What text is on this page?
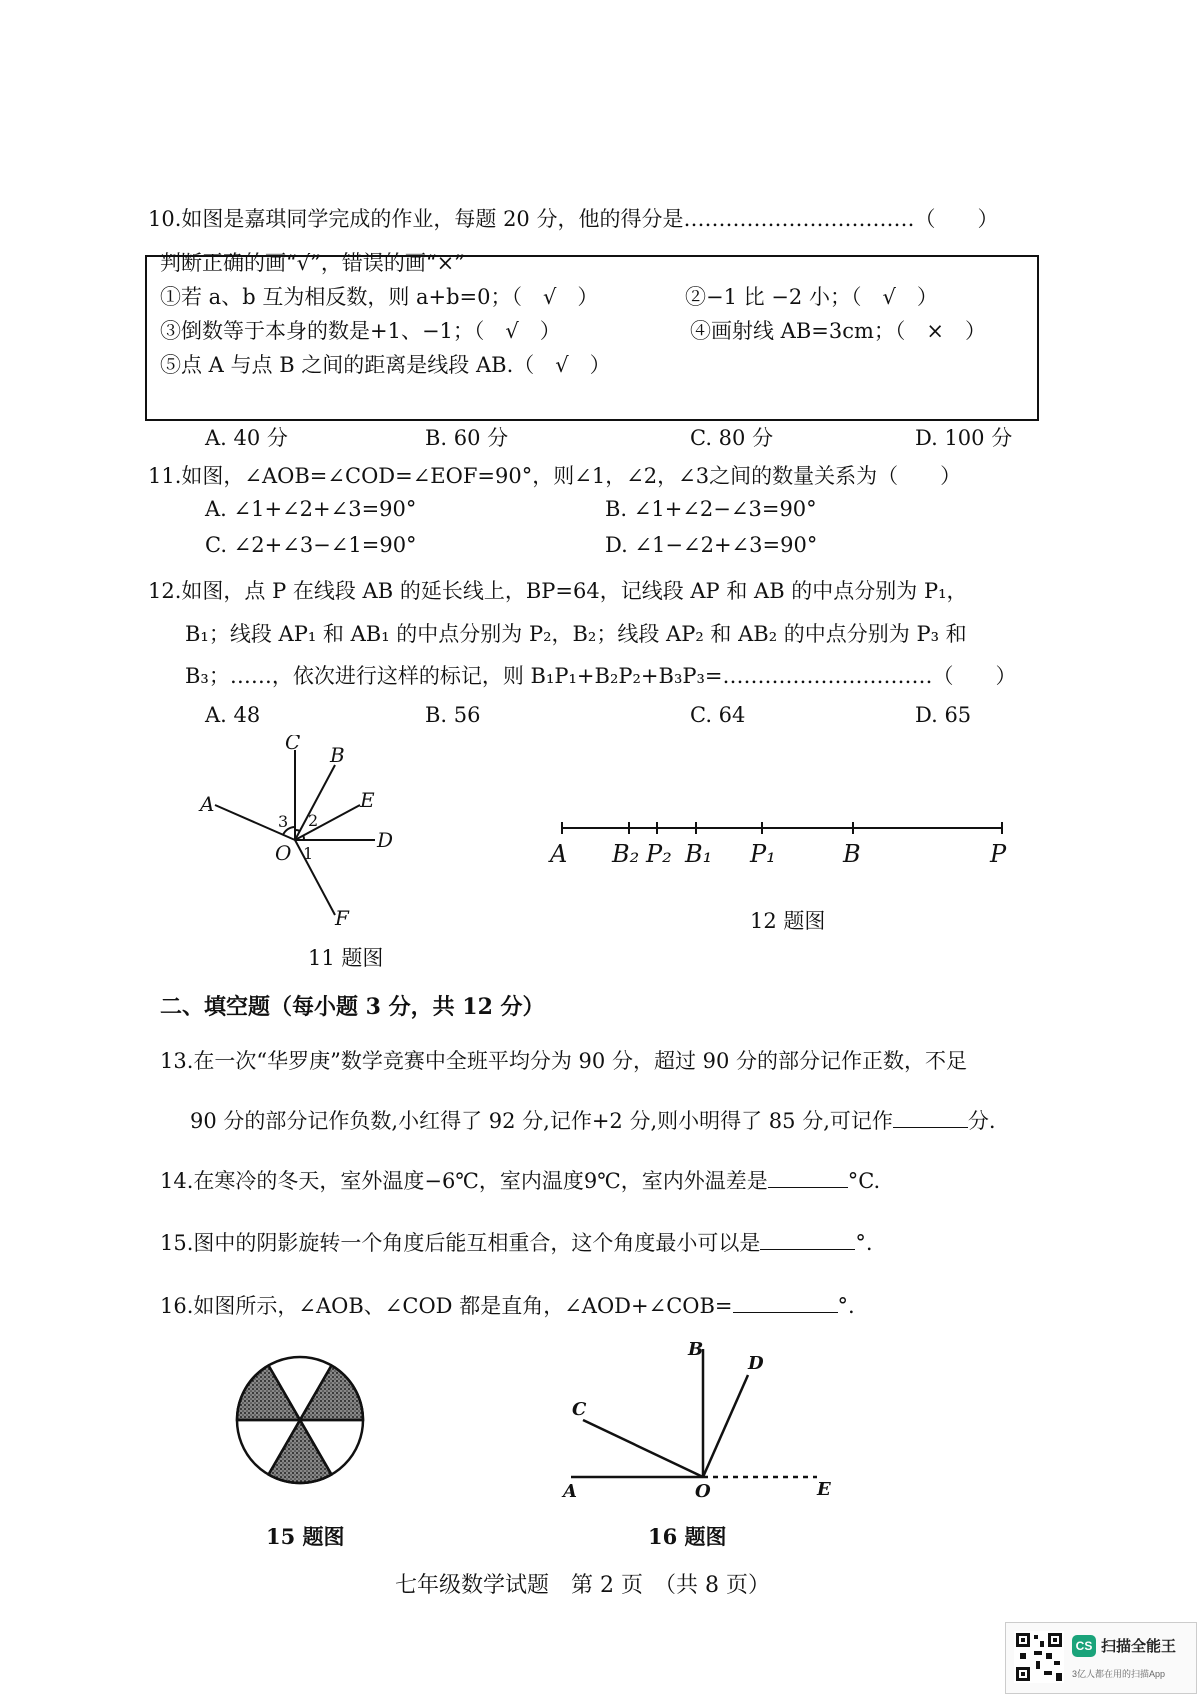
10.如图是嘉琪同学完成的作业，每题 20 分，他的得分是……………………………（　　）
判断正确的画“√”，错误的画“×”
①若 a、b 互为相反数，则 a+b=0；（　√　）	②−1 比 −2 小；（　√　）
③倒数等于本身的数是+1、−1；（　√　）	④画射线 AB=3cm；（　×　）
⑤点 A 与点 B 之间的距离是线段 AB.（　√　）
A. 40 分	B. 60 分	C. 80 分	D. 100 分
11.如图，∠AOB=∠COD=∠EOF=90°，则∠1，∠2，∠3之间的数量关系为（　　）
A. ∠1+∠2+∠3=90°	B. ∠1+∠2−∠3=90°
C. ∠2+∠3−∠1=90°	D. ∠1−∠2+∠3=90°
12.如图，点 P 在线段 AB 的延长线上，BP=64，记线段 AP 和 AB 的中点分别为 P₁，
B₁；线段 AP₁ 和 AB₁ 的中点分别为 P₂，B₂；线段 AP₂ 和 AB₂ 的中点分别为 P₃ 和
B₃；……，依次进行这样的标记，则 B₁P₁+B₂P₂+B₃P₃=…………………………（　　）
A. 48	B. 56	C. 64	D. 65
C
B
A	E
D
O
F
1
2
3
11 题图
A B₂ P₂ B₁ P₁	B	P
12 题图
二、填空题（每小题 3 分，共 12 分）
13.在一次“华罗庚”数学竞赛中全班平均分为 90 分，超过 90 分的部分记作正数，不足
90 分的部分记作负数,小红得了 92 分,记作+2 分,则小明得了 85 分,可记作	分.
14.在寒冷的冬天，室外温度−6℃，室内温度9℃，室内外温差是	°C.
15.图中的阴影旋转一个角度后能互相重合，这个角度最小可以是	°.
16.如图所示，∠AOB、∠COD 都是直角，∠AOD+∠COB=	°.
15 题图
B
D
C
A	O	E
16 题图
七年级数学试题　第 2 页　（共 8 页）
CS 扫描全能王
3亿人都在用的扫描App
